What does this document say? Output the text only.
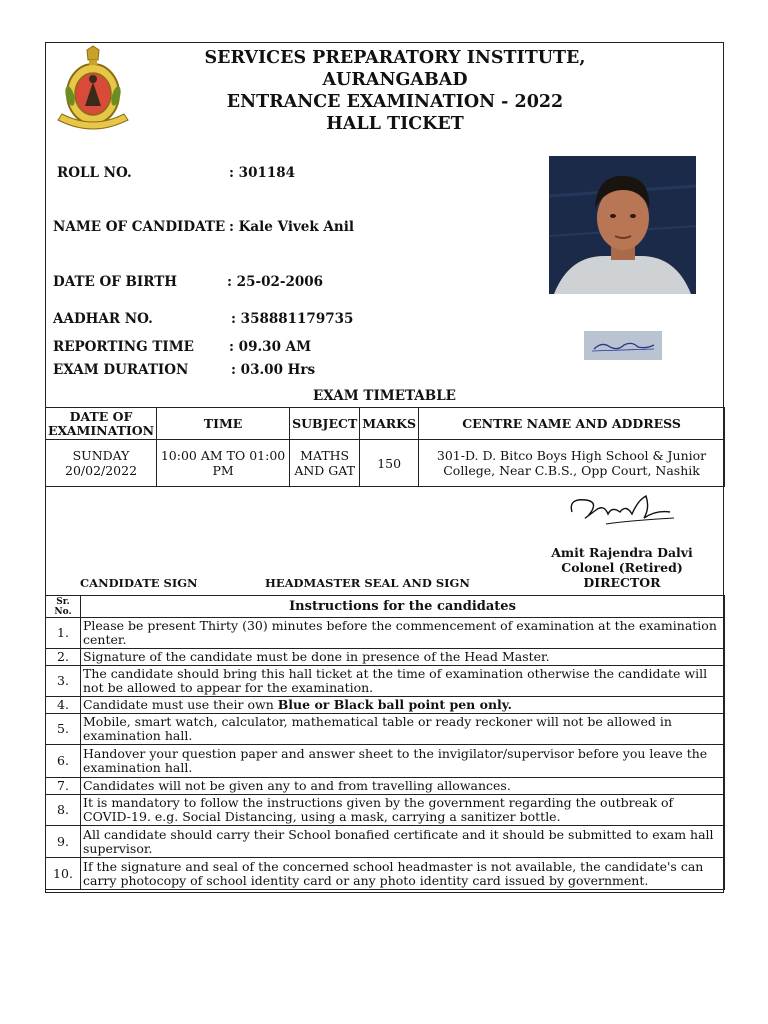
SERVICES PREPARATORY INSTITUTE,
AURANGABAD
ENTRANCE EXAMINATION - 2022
HALL TICKET
ROLL NO.	: 301184
NAME OF CANDIDATE : Kale Vivek Anil
DATE OF BIRTH	: 25-02-2006
AADHAR NO.	: 358881179735
REPORTING TIME	: 09.30 AM
EXAM DURATION	: 03.00 Hrs
EXAM TIMETABLE
DATE OF EXAMINATION	TIME	SUBJECT	MARKS	CENTRE NAME AND ADDRESS

SUNDAY
20/02/2022	10:00 AM TO 01:00 PM	MATHS AND GAT	150	301-D. D. Bitco Boys High School & Junior College, Near C.B.S., Opp Court, Nashik
Amit Rajendra Dalvi
Colonel (Retired)
DIRECTOR
CANDIDATE SIGN	HEADMASTER SEAL AND SIGN
Sr. No.	Instructions for the candidates
1.	Please be present Thirty (30) minutes before the commencement of examination at the examination center.
2.	Signature of the candidate must be done in presence of the Head Master.
3.	The candidate should bring this hall ticket at the time of examination otherwise the candidate will not be allowed to appear for the examination.
4.	Candidate must use their own Blue or Black ball point pen only.
5.	Mobile, smart watch, calculator, mathematical table or ready reckoner will not be allowed in examination hall.
6.	Handover your question paper and answer sheet to the invigilator/supervisor before you leave the examination hall.
7.	Candidates will not be given any to and from travelling allowances.
8.	It is mandatory to follow the instructions given by the government regarding the outbreak of COVID-19. e.g. Social Distancing, using a mask, carrying a sanitizer bottle.
9.	All candidate should carry their School bonafied certificate and it should be submitted to exam hall supervisor.
10.	If the signature and seal of the concerned school headmaster is not available, the candidate's can carry photocopy of school identity card or any photo identity card issued by government.
